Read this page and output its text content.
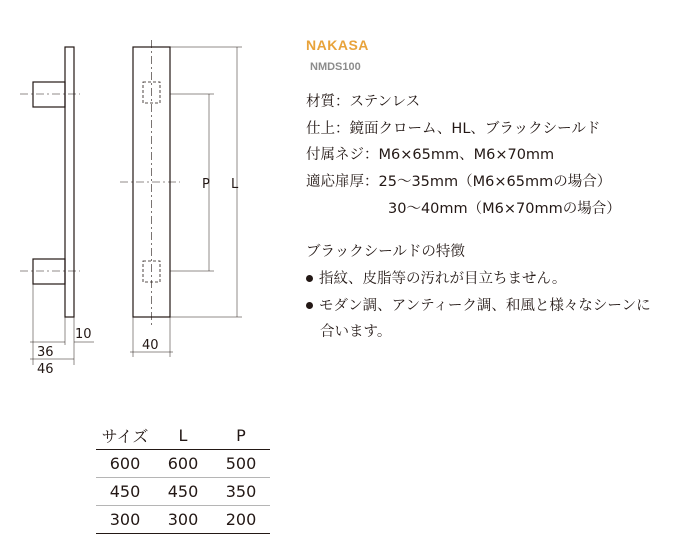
10
36
46
P L
40
NAKASA
NMDS100
材質：ステンレス
仕上：鏡面クローム、HL、ブラックシールド
付属ネジ：M6×65mm、M6×70mm
適応扉厚：25～35mm（M6×65mmの場合）
30～40mm（M6×70mmの場合）
ブラックシールドの特徴
指紋、皮脂等の汚れが目立ちません。
モダン調、アンティーク調、和風と様々なシーンに
合います。
サイズ	L	P
600	600	500
450	450	350
300	300	200
